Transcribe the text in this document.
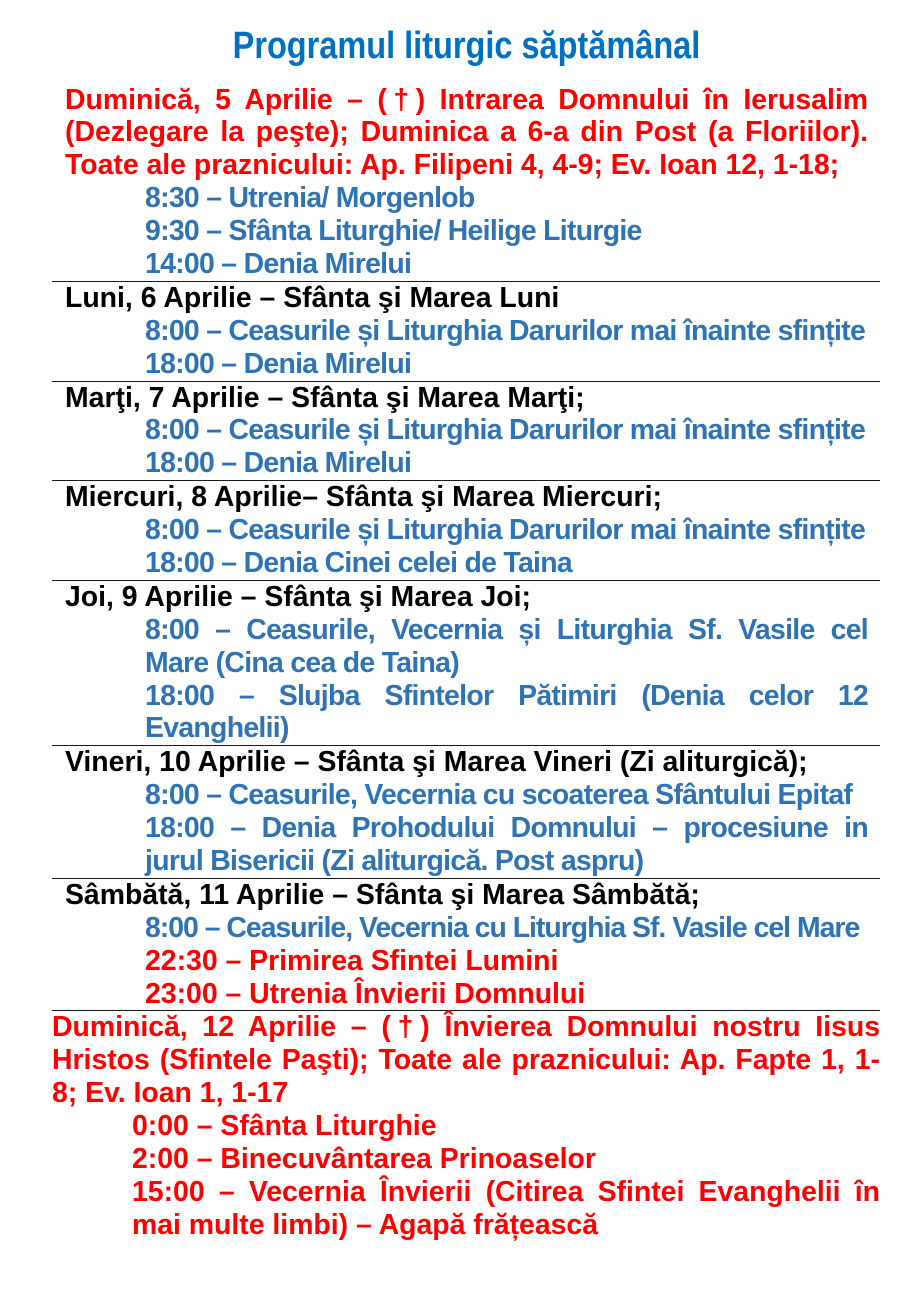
Programul liturgic săptămânal
Duminică, 5 Aprilie – (†) Intrarea Domnului în Ierusalim
(Dezlegare la peşte); Duminica a 6-a din Post (a Floriilor).
Toate ale praznicului: Ap. Filipeni 4, 4-9; Ev. Ioan 12, 1-18;
8:30 – Utrenia/ Morgenlob
9:30 – Sfânta Liturghie/ Heilige Liturgie
14:00 – Denia Mirelui
Luni, 6 Aprilie – Sfânta şi Marea Luni
8:00 – Ceasurile și Liturghia Darurilor mai înainte sfințite
18:00 – Denia Mirelui
Marţi, 7 Aprilie – Sfânta şi Marea Marţi;
8:00 – Ceasurile și Liturghia Darurilor mai înainte sfințite
18:00 – Denia Mirelui
Miercuri, 8 Aprilie– Sfânta şi Marea Miercuri;
8:00 – Ceasurile și Liturghia Darurilor mai înainte sfințite
18:00 – Denia Cinei celei de Taina
Joi, 9 Aprilie – Sfânta şi Marea Joi;
8:00 – Ceasurile, Vecernia și Liturghia Sf. Vasile cel
Mare (Cina cea de Taina)
18:00 – Slujba Sfintelor Pătimiri (Denia celor 12
Evanghelii)
Vineri, 10 Aprilie – Sfânta şi Marea Vineri (Zi aliturgică);
8:00 – Ceasurile, Vecernia cu scoaterea Sfântului Epitaf
18:00 – Denia Prohodului Domnului – procesiune in
jurul Bisericii (Zi aliturgică. Post aspru)
Sâmbătă, 11 Aprilie – Sfânta şi Marea Sâmbătă;
8:00 – Ceasurile, Vecernia cu Liturghia Sf. Vasile cel Mare
22:30 – Primirea Sfintei Lumini
23:00 – Utrenia Învierii Domnului
Duminică, 12 Aprilie – (†) Învierea Domnului nostru Iisus
Hristos (Sfintele Paşti); Toate ale praznicului: Ap. Fapte 1, 1-
8; Ev. Ioan 1, 1-17
0:00 – Sfânta Liturghie
2:00 – Binecuvântarea Prinoaselor
15:00 – Vecernia Învierii (Citirea Sfintei Evanghelii în
mai multe limbi) – Agapă frățească
